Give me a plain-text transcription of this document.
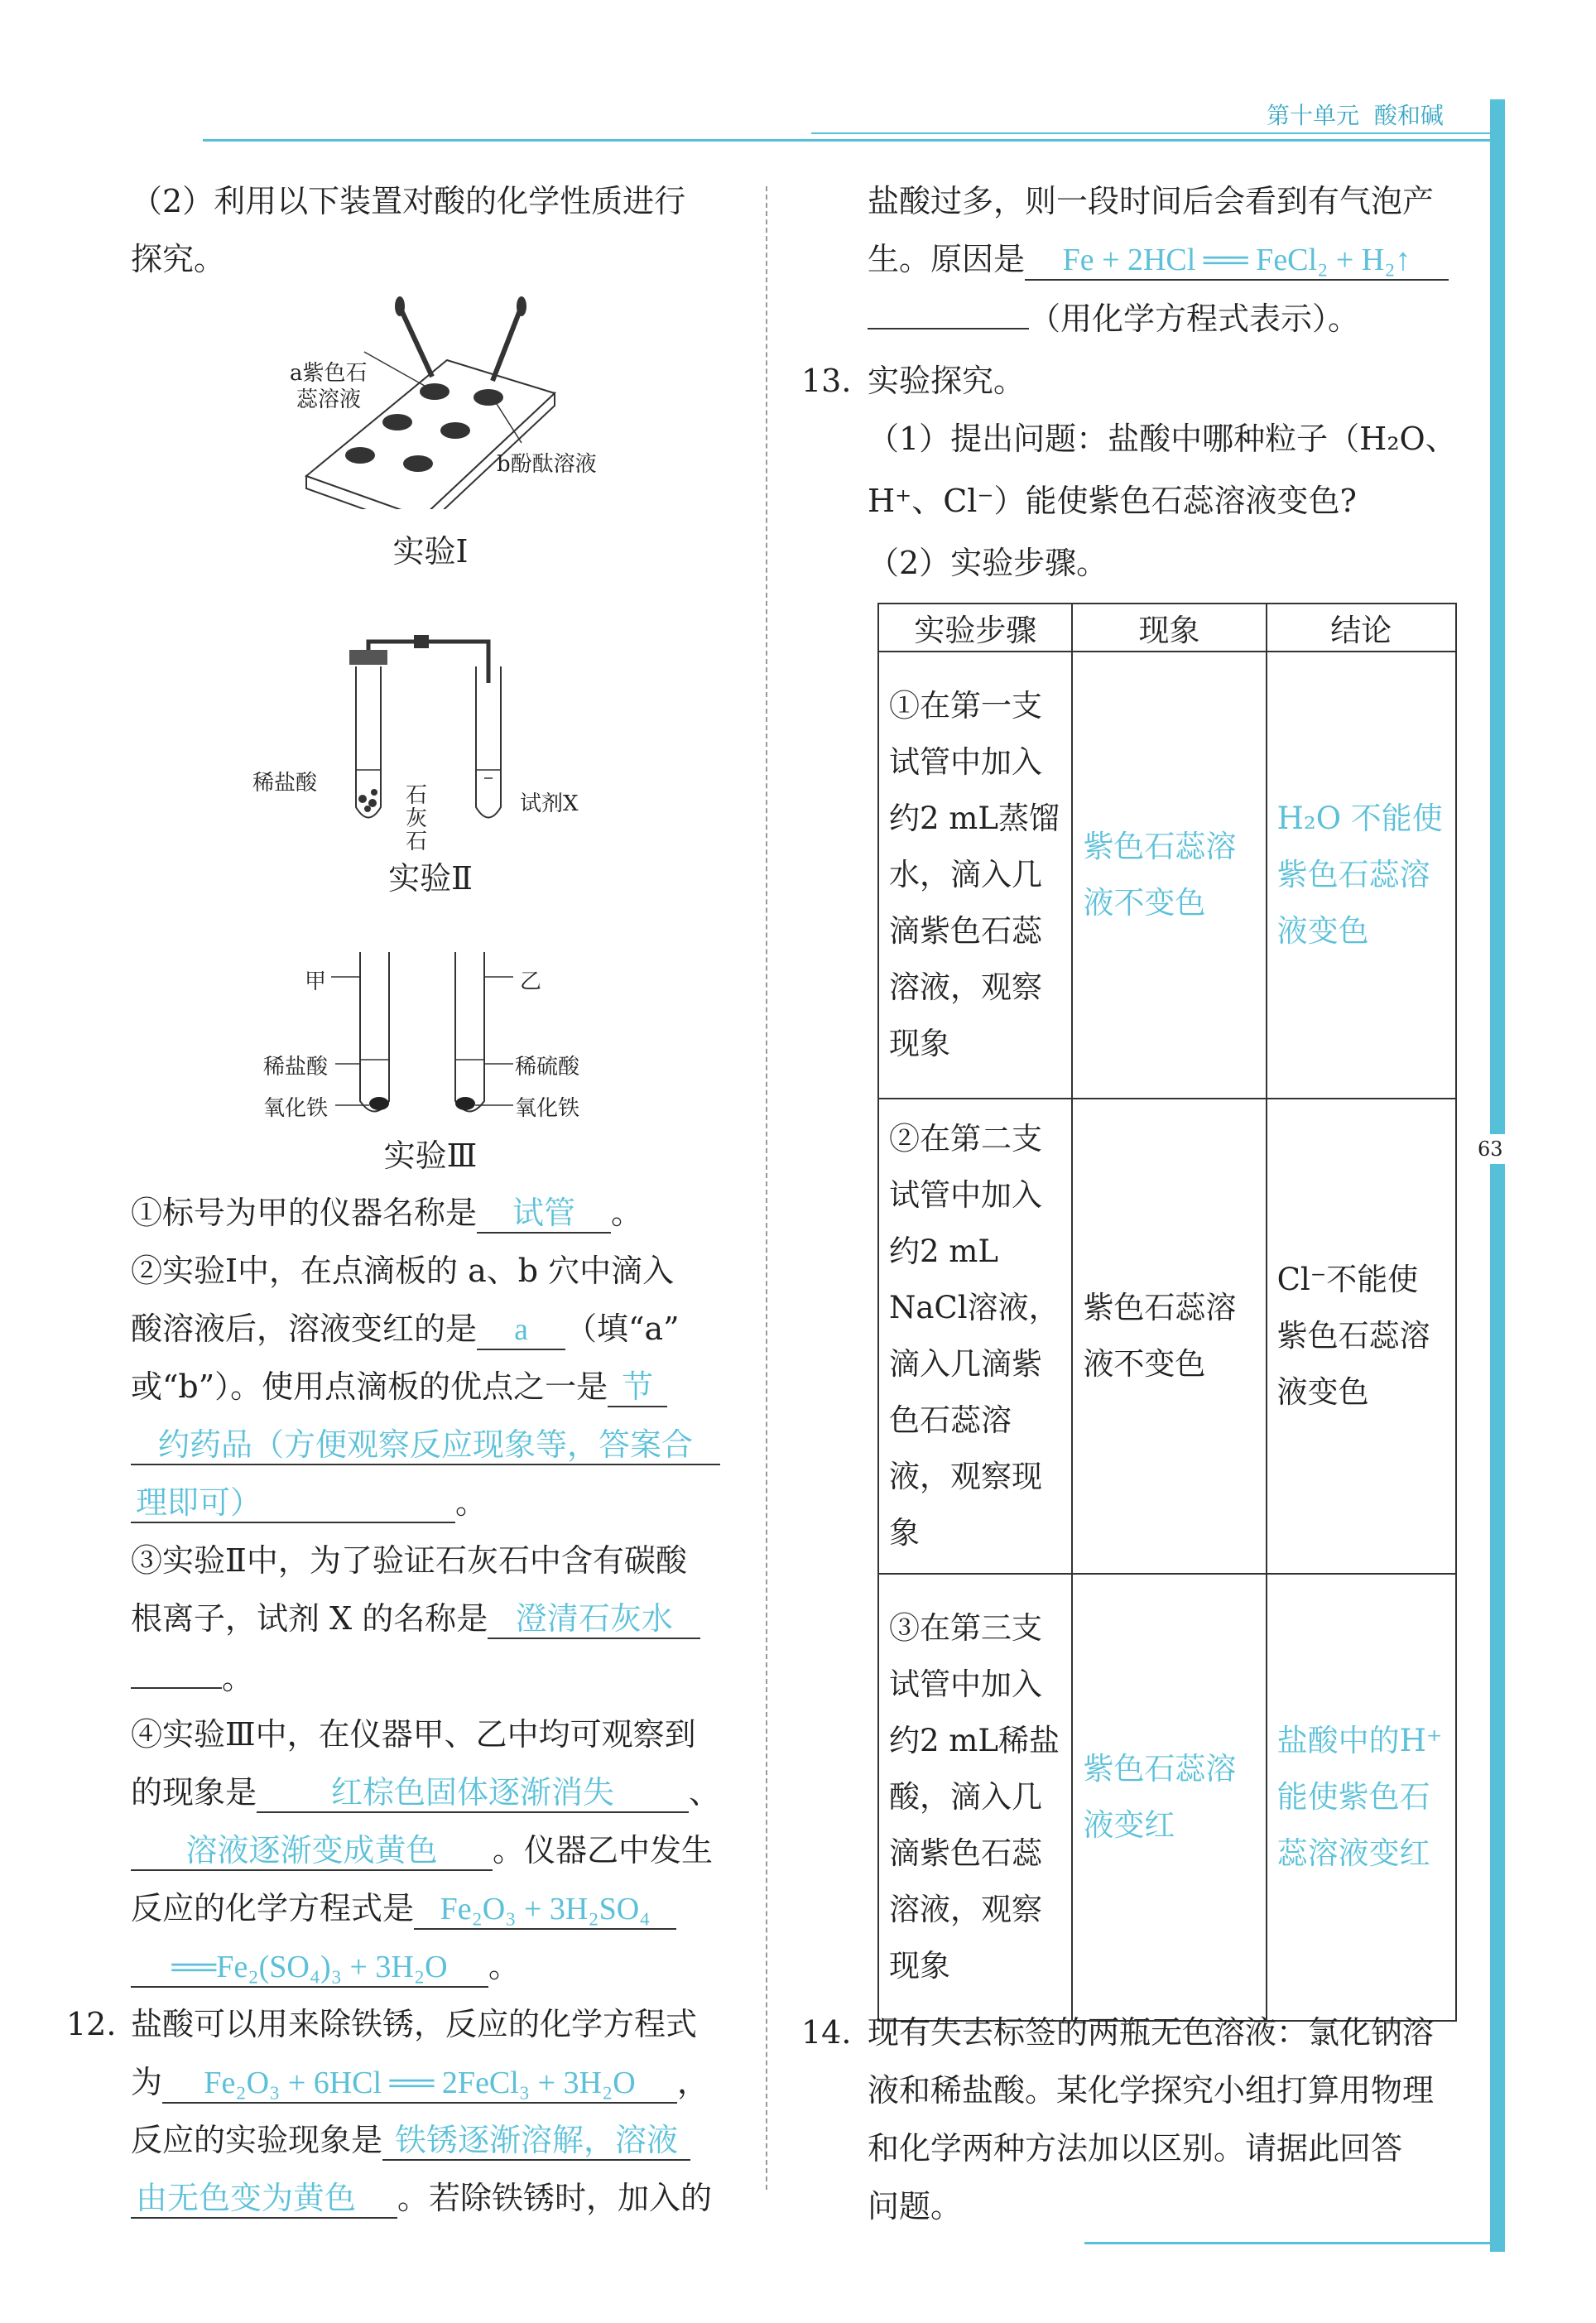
第十单元 酸和碱
63
（2）利用以下装置对酸的化学性质进行
探究。
a紫色石
蕊溶液
b酚酞溶液
实验Ⅰ
稀盐酸	石
灰
石
试剂X
实验Ⅱ
甲	乙
稀盐酸	稀硫酸
氧化铁	氧化铁
实验Ⅲ
①标号为甲的仪器名称是 试管 。
②实验Ⅰ中，在点滴板的 a、b 穴中滴入
酸溶液后，溶液变红的是 a （填“a”
或“b”）。使用点滴板的优点之一是 节
约药品（方便观察反应现象等，答案合
理即可）	。
③实验Ⅱ中，为了验证石灰石中含有碳酸
根离子，试剂 X 的名称是 澄清石灰水
。
④实验Ⅲ中，在仪器甲、乙中均可观察到
的现象是 红棕色固体逐渐消失 、
溶液逐渐变成黄色 。仪器乙中发生
反应的化学方程式是 Fe₂O₃ + 3H₂SO₄
══Fe₂(SO₄)₃ + 3H₂O 。
12. 盐酸可以用来除铁锈，反应的化学方程式
为 Fe₂O₃ + 6HCl ══ 2FeCl₃ + 3H₂O ，
反应的实验现象是 铁锈逐渐溶解，溶液
由无色变为黄色 。若除铁锈时，加入的
盐酸过多，则一段时间后会看到有气泡产
生。原因是 Fe + 2HCl ══ FeCl₂ + H₂↑
（用化学方程式表示）。
13. 实验探究。
（1）提出问题：盐酸中哪种粒子（H₂O、
H⁺、Cl⁻）能使紫色石蕊溶液变色?
（2）实验步骤。
实验步骤	现象	结论
①在第一支试管中加入约2 mL蒸馏水，滴入几滴紫色石蕊溶液，观察现象	紫色石蕊溶液不变色	H₂O 不能使紫色石蕊溶液变色
②在第二支试管中加入约2 mL NaCl溶液，滴入几滴紫色石蕊溶液，观察现象	紫色石蕊溶液不变色	Cl⁻不能使紫色石蕊溶液变色
③在第三支试管中加入约2 mL稀盐酸，滴入几滴紫色石蕊溶液，观察现象	紫色石蕊溶液变红	盐酸中的H⁺能使紫色石蕊溶液变红
14. 现有失去标签的两瓶无色溶液：氯化钠溶
液和稀盐酸。某化学探究小组打算用物理
和化学两种方法加以区别。请据此回答
问题。
